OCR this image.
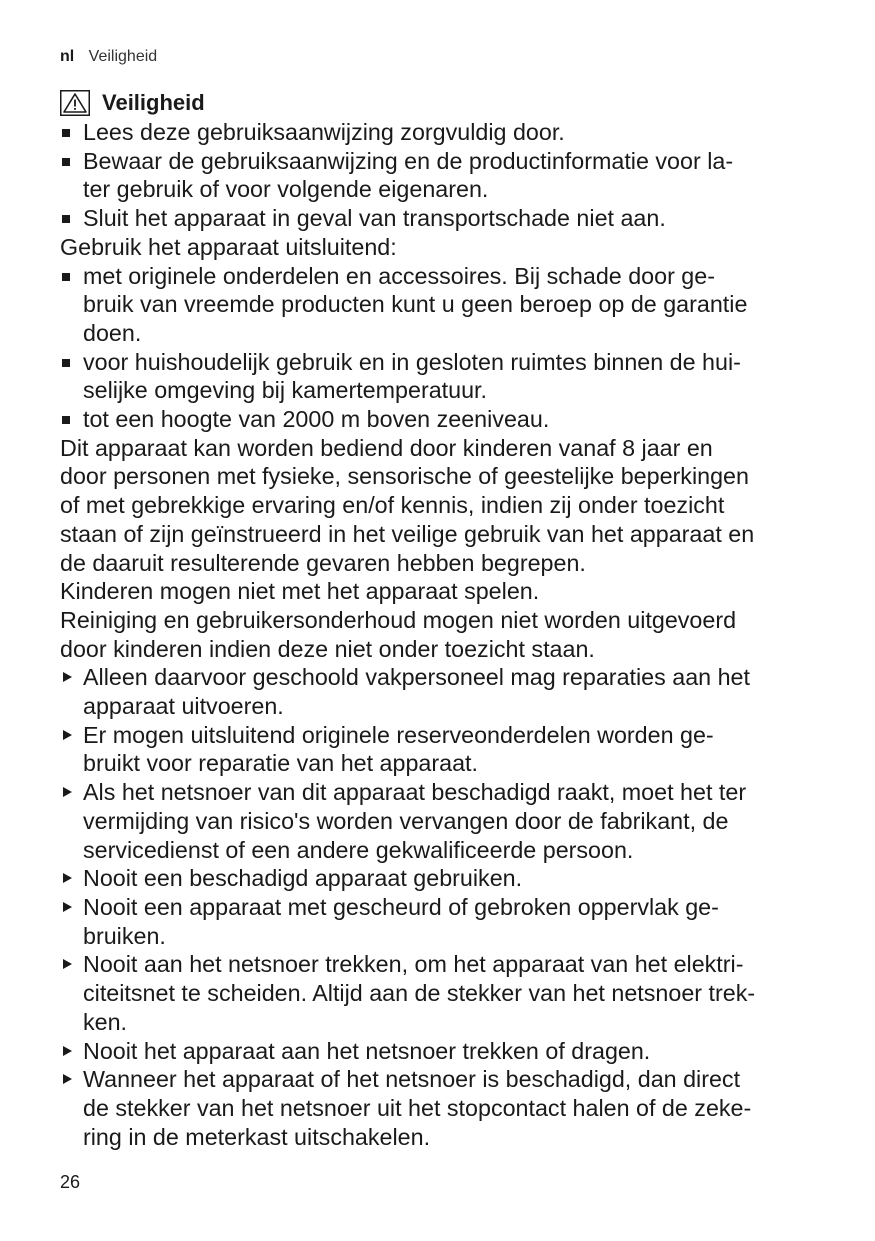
nl Veiligheid
Veiligheid
Lees deze gebruiksaanwijzing zorgvuldig door.
Bewaar de gebruiksaanwijzing en de productinformatie voor la-
ter gebruik of voor volgende eigenaren.
Sluit het apparaat in geval van transportschade niet aan.
Gebruik het apparaat uitsluitend:
met originele onderdelen en accessoires. Bij schade door ge-
bruik van vreemde producten kunt u geen beroep op de garantie
doen.
voor huishoudelijk gebruik en in gesloten ruimtes binnen de hui-
selijke omgeving bij kamertemperatuur.
tot een hoogte van 2000 m boven zeeniveau.
Dit apparaat kan worden bediend door kinderen vanaf 8 jaar en
door personen met fysieke, sensorische of geestelijke beperkingen
of met gebrekkige ervaring en/of kennis, indien zij onder toezicht
staan of zijn geïnstrueerd in het veilige gebruik van het apparaat en
de daaruit resulterende gevaren hebben begrepen.
Kinderen mogen niet met het apparaat spelen.
Reiniging en gebruikersonderhoud mogen niet worden uitgevoerd
door kinderen indien deze niet onder toezicht staan.
Alleen daarvoor geschoold vakpersoneel mag reparaties aan het
apparaat uitvoeren.
Er mogen uitsluitend originele reserveonderdelen worden ge-
bruikt voor reparatie van het apparaat.
Als het netsnoer van dit apparaat beschadigd raakt, moet het ter
vermijding van risico's worden vervangen door de fabrikant, de
servicedienst of een andere gekwalificeerde persoon.
Nooit een beschadigd apparaat gebruiken.
Nooit een apparaat met gescheurd of gebroken oppervlak ge-
bruiken.
Nooit aan het netsnoer trekken, om het apparaat van het elektri-
citeitsnet te scheiden. Altijd aan de stekker van het netsnoer trek-
ken.
Nooit het apparaat aan het netsnoer trekken of dragen.
Wanneer het apparaat of het netsnoer is beschadigd, dan direct
de stekker van het netsnoer uit het stopcontact halen of de zeke-
ring in de meterkast uitschakelen.
26
